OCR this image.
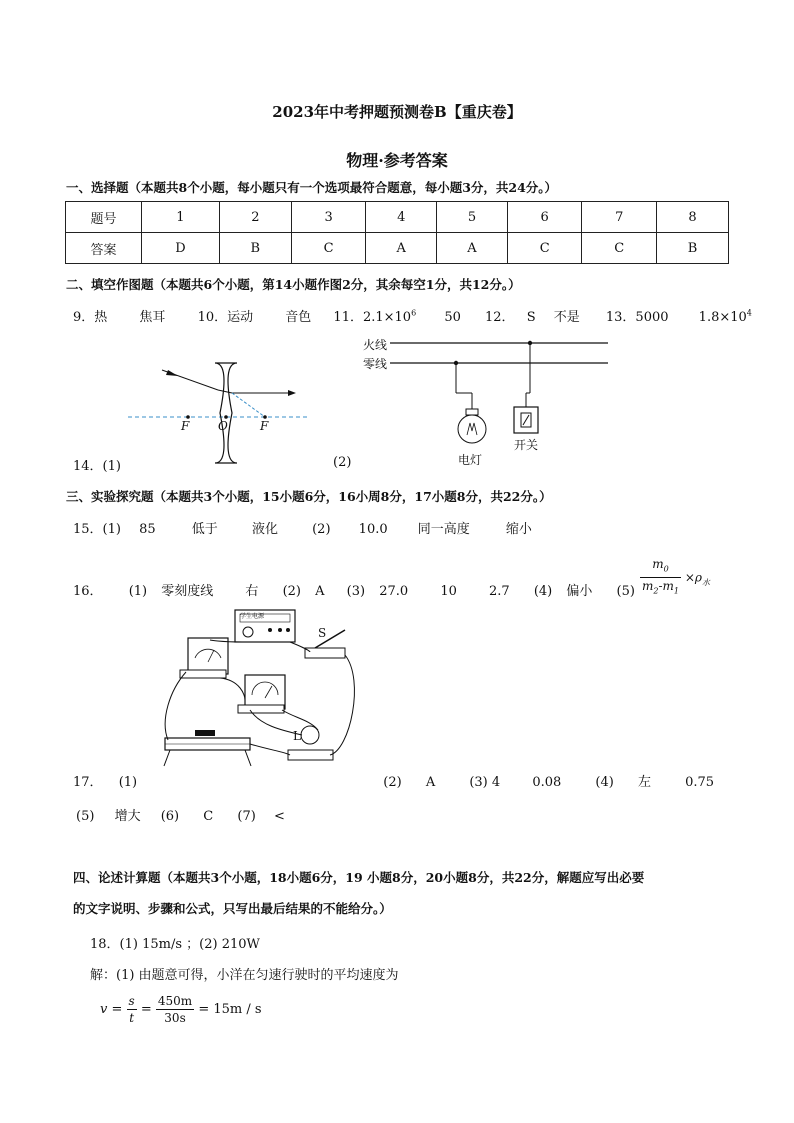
2023年中考押题预测卷B【重庆卷】
物理·参考答案
一、选择题（本题共8个小题，每小题只有一个选项最符合题意，每小题3分，共24分。）
题号	1	2	3	4	5	6	7	8
答案	D	B	C	A	A	C	C	B
二、填空作图题（本题共6个小题，第14小题作图2分，其余每空1分，共12分。）
9．热 焦耳 10．运动 音色 11．$2.1\times 10^6$ 50 12． S 不是 13．5000 $1.8\times 10^4$
F O	F
14．(1)	(2)
火线
零线
电灯
开关
三、实验探究题（本题共3个小题，15小题6分，16小周8分，17小题8分，共22分。）
15．(1) 85	低于	液化	(2) 10.0 同一高度	缩小
16． (1) 零刻度线 右 (2) A (3) 27.0 10 2.7 (4) 偏小 $(5) \frac{m_0}{m_2-m_1} \times\rho_水$
学生电源
S
L
17． (1)	(2) A	(3) 4 0.08	(4) 左	0.75
(5) 增大 (6) C (7) <
四、论述计算题（本题共3个小题，18小题6分，19 小题8分，20小题8分，共22分，解题应写出必要
的文字说明、步骤和公式，只写出最后结果的不能给分。）
18．(1) 15m/s ；(2) 210W
解：(1) 由题意可得，小洋在匀速行驶时的平均速度为
$v = \frac{s}{t} = \frac{450m}{30s} = 15m / s$
